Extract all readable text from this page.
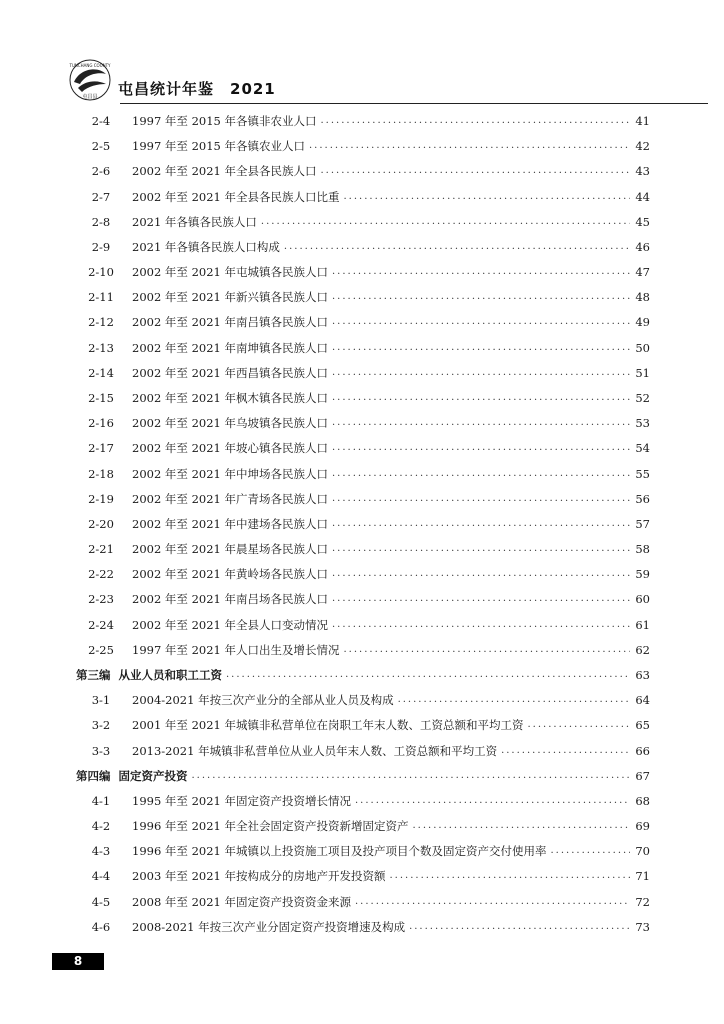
TUNCHANG COUNTY
屯昌县 屯昌统计年鉴　2021
2-4	1997 年至 2015 年各镇非农业人口 .....	41
2-5	1997 年至 2015 年各镇农业人口 .....	42
2-6	2002 年至 2021 年全县各民族人口 .....	43
2-7	2002 年至 2021 年全县各民族人口比重 .....	44
2-8	2021 年各镇各民族人口 .....	45
2-9	2021 年各镇各民族人口构成 .....	46
2-10	2002 年至 2021 年屯城镇各民族人口 .....	47
2-11	2002 年至 2021 年新兴镇各民族人口 .....	48
2-12	2002 年至 2021 年南吕镇各民族人口 .....	49
2-13	2002 年至 2021 年南坤镇各民族人口 .....	50
2-14	2002 年至 2021 年西昌镇各民族人口 .....	51
2-15	2002 年至 2021 年枫木镇各民族人口 .....	52
2-16	2002 年至 2021 年乌坡镇各民族人口 .....	53
2-17	2002 年至 2021 年坡心镇各民族人口 .....	54
2-18	2002 年至 2021 年中坤场各民族人口 .....	55
2-19	2002 年至 2021 年广青场各民族人口 .....	56
2-20	2002 年至 2021 年中建场各民族人口 .....	57
2-21	2002 年至 2021 年晨星场各民族人口 .....	58
2-22	2002 年至 2021 年黄岭场各民族人口 .....	59
2-23	2002 年至 2021 年南吕场各民族人口 .....	60
2-24	2002 年至 2021 年全县人口变动情况 .....	61
2-25	1997 年至 2021 年人口出生及增长情况 .....	62
第三编 从业人员和职工工资 .....	63
3-1	2004-2021 年按三次产业分的全部从业人员及构成 .....	64
3-2	2001 年至 2021 年城镇非私营单位在岗职工年末人数、工资总额和平均工资 .....	65
3-3	2013-2021 年城镇非私营单位从业人员年末人数、工资总额和平均工资 .....	66
第四编 固定资产投资 .....	67
4-1	1995 年至 2021 年固定资产投资增长情况 .....	68
4-2	1996 年至 2021 年全社会固定资产投资新增固定资产 .....	69
4-3	1996 年至 2021 年城镇以上投资施工项目及投产项目个数及固定资产交付使用率 .....	70
4-4	2003 年至 2021 年按构成分的房地产开发投资额 .....	71
4-5	2008 年至 2021 年固定资产投资资金来源 .....	72
4-6	2008-2021 年按三次产业分固定资产投资增速及构成 .....	73
8
